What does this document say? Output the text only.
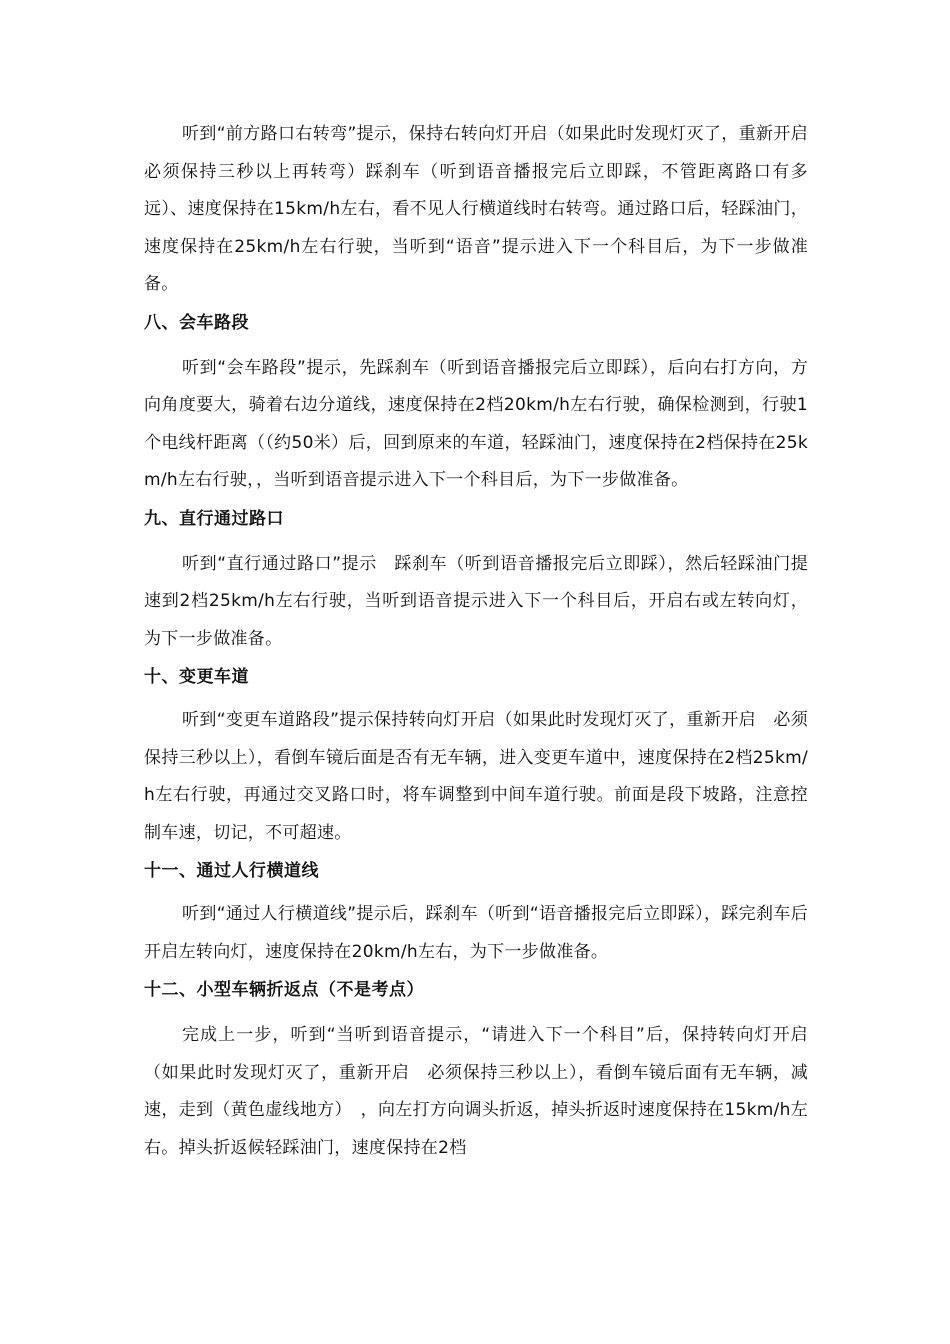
听到“前方路口右转弯”提示，保持右转向灯开启（如果此时发现灯灭了，重新开启　必须保持三秒以上再转弯）踩刹车（听到语音播报完后立即踩，不管距离路口有多远）、速度保持在15km/h左右，看不见人行横道线时右转弯。通过路口后，轻踩油门，速度保持在25km/h左右行驶，当听到“语音”提示进入下一个科目后，为下一步做准备。

八、会车路段

听到“会车路段”提示，先踩刹车（听到语音播报完后立即踩），后向右打方向，方向角度要大，骑着右边分道线，速度保持在2档20km/h左右行驶，确保检测到，行驶1个电线杆距离（（约50米）后，回到原来的车道，轻踩油门，速度保持在2档保持在25km/h左右行驶，，当听到语音提示进入下一个科目后，为下一步做准备。

九、直行通过路口

听到“直行通过路口”提示　踩刹车（听到语音播报完后立即踩），然后轻踩油门提速到2档25km/h左右行驶，当听到语音提示进入下一个科目后，开启右或左转向灯，为下一步做准备。

十、变更车道

听到“变更车道路段”提示保持转向灯开启（如果此时发现灯灭了，重新开启　必须保持三秒以上），看倒车镜后面是否有无车辆，进入变更车道中，速度保持在2档25km/h左右行驶，再通过交叉路口时，将车调整到中间车道行驶。前面是段下坡路，注意控制车速，切记，不可超速。

十一、通过人行横道线

听到“通过人行横道线”提示后，踩刹车（听到“语音播报完后立即踩），踩完刹车后开启左转向灯，速度保持在20km/h左右，为下一步做准备。

十二、小型车辆折返点（不是考点）

完成上一步，听到“当听到语音提示，“请进入下一个科目”后，保持转向灯开启（如果此时发现灯灭了，重新开启　必须保持三秒以上），看倒车镜后面有无车辆，减速，走到（黄色虚线地方）　，向左打方向调头折返，掉头折返时速度保持在15km/h左右。掉头折返候轻踩油门，速度保持在2档
